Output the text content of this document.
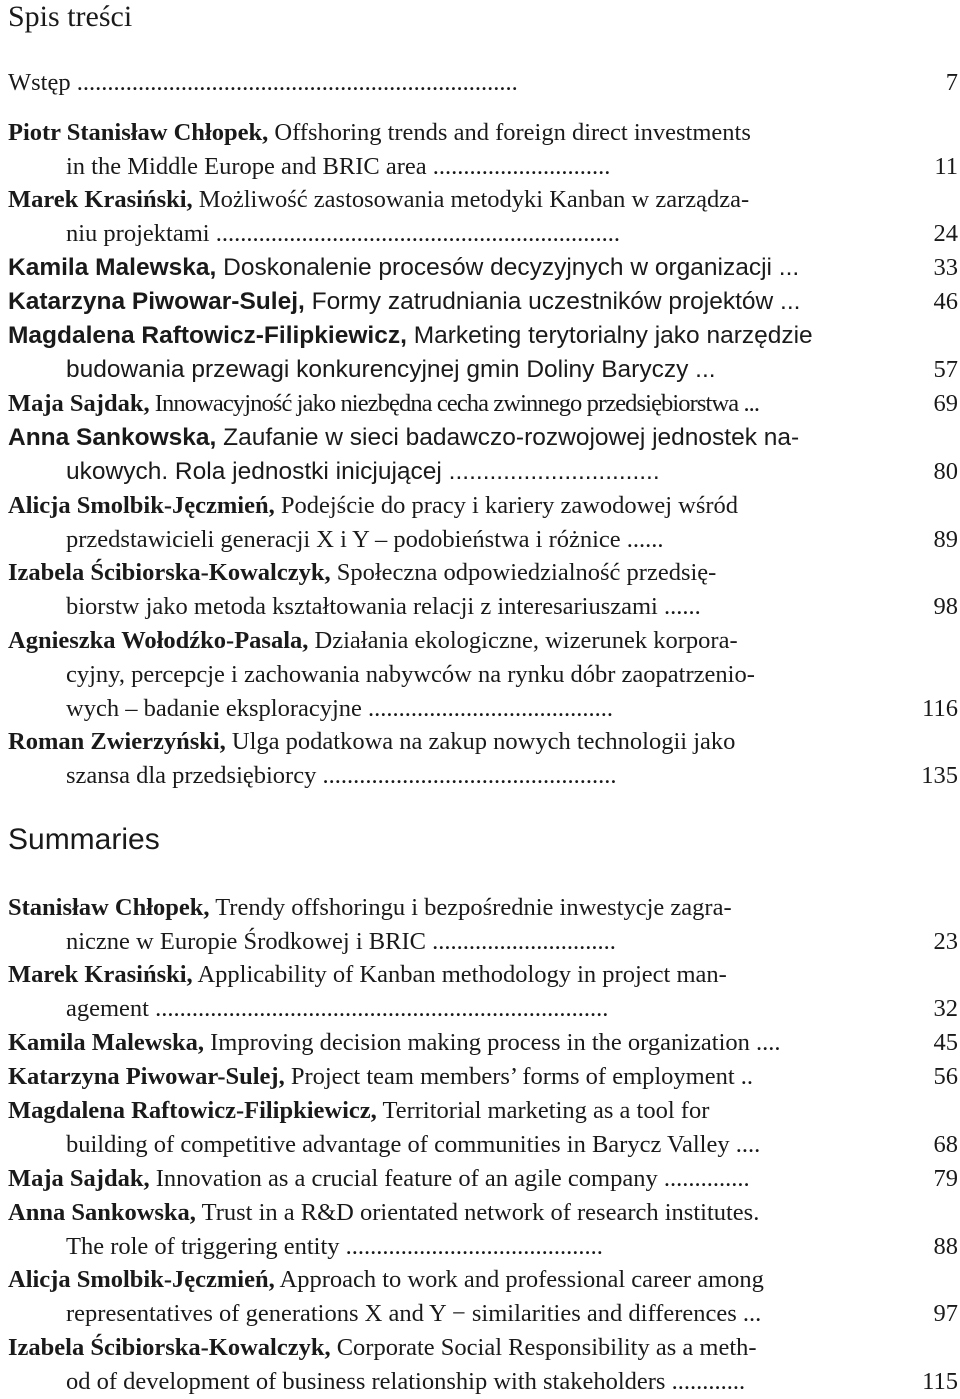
Spis treści
Wstęp ........................................................................	7
Piotr Stanisław Chłopek, Offshoring trends and foreign direct investments
in the Middle Europe and BRIC area .............................	11
Marek Krasiński, Możliwość zastosowania metodyki Kanban w zarządza-
niu projektami ..................................................................	24
Kamila Malewska, Doskonalenie procesów decyzyjnych w organizacji ...	33
Katarzyna Piwowar-Sulej, Formy zatrudniania uczestników projektów ...	46
Magdalena Raftowicz-Filipkiewicz, Marketing terytorialny jako narzędzie
budowania przewagi konkurencyjnej gmin Doliny Baryczy ...	57
Maja Sajdak, Innowacyjność jako niezbędna cecha zwinnego przedsiębiorstwa ...	69
Anna Sankowska, Zaufanie w sieci badawczo-rozwojowej jednostek na-
ukowych. Rola jednostki inicjującej ...............................	80
Alicja Smolbik-Jęczmień, Podejście do pracy i kariery zawodowej wśród
przedstawicieli generacji X i Y – podobieństwa i różnice ......	89
Izabela Ścibiorska-Kowalczyk, Społeczna odpowiedzialność przedsię-
biorstw jako metoda kształtowania relacji z interesariuszami ......	98
Agnieszka Wołodźko-Pasala, Działania ekologiczne, wizerunek korpora-
cyjny, percepcje i zachowania nabywców na rynku dóbr zaopatrzenio-
wych – badanie eksploracyjne ........................................	116
Roman Zwierzyński, Ulga podatkowa na zakup nowych technologii jako
szansa dla przedsiębiorcy ................................................	135
Summaries
Stanisław Chłopek, Trendy offshoringu i bezpośrednie inwestycje zagra-
niczne w Europie Środkowej i BRIC ..............................	23
Marek Krasiński, Applicability of Kanban methodology in project man-
agement ..........................................................................	32
Kamila Malewska, Improving decision making process in the organization ....	45
Katarzyna Piwowar-Sulej, Project team members’ forms of employment ..	56
Magdalena Raftowicz-Filipkiewicz, Territorial marketing as a tool for
building of competitive advantage of communities in Barycz Valley ....	68
Maja Sajdak, Innovation as a crucial feature of an agile company ..............	79
Anna Sankowska, Trust in a R&D orientated network of research institutes.
The role of triggering entity ..........................................	88
Alicja Smolbik-Jęczmień, Approach to work and professional career among
representatives of generations X and Y − similarities and differences ...	97
Izabela Ścibiorska-Kowalczyk, Corporate Social Responsibility as a meth-
od of development of business relationship with stakeholders ............	115
